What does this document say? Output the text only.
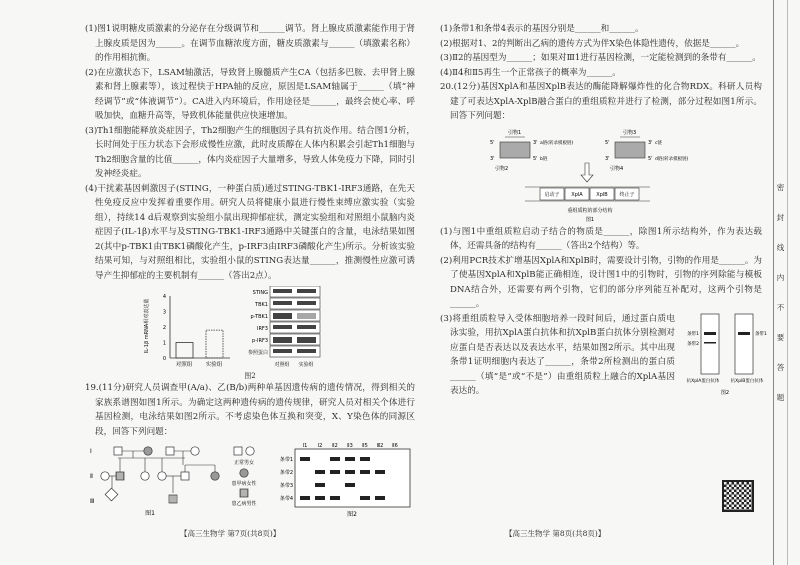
(1)图1说明糖皮质激素的分泌存在分级调节和______调节。肾上腺皮质激素能作用于肾上腺皮质是因为______。在调节血糖浓度方面，糖皮质激素与______（填激素名称）的作用相抗衡。

(2)在应激状态下，LSAM轴激活，导致肾上腺髓质产生CA（包括多巴胺、去甲肾上腺素和肾上腺素等），该过程快于HPA轴的反应，原因是LSAM轴属于______（填“神经调节”或“体液调节”）。CA进入内环境后，作用途径是______，最终会使心率、呼吸加快，血糖升高等，导致机体能量供应快速增加。

(3)Th1细胞能释放炎症因子，Th2细胞产生的细胞因子具有抗炎作用。结合图1分析，长时间处于压力状态下会形成慢性应激，此时皮质醇在人体内积累会引起Th1细胞与Th2细胞含量的比值______，体内炎症因子大量增多，导致人体免疫力下降，同时引发神经炎症。

(4)干扰素基因刺激因子(STING，一种蛋白质)通过STING-TBK1-IRF3通路，在先天性免疫反应中发挥着重要作用。研究人员将健康小鼠进行慢性束缚应激实验（实验组），持续14 d后观察到实验组小鼠出现抑郁症状，测定实验组和对照组小鼠脑内炎症因子(IL-1β)水平与及STING-TBK1-IRF3通路中关键蛋白的含量，电泳结果如图2(其中p-TBK1由TBK1磷酸化产生，p-IRF3由IRF3磷酸化产生)所示。分析该实验结果可知，与对照组相比，实验组小鼠的STING表达量______，推测慢性应激可诱导产生抑郁症的主要机制有______（答出2点）。

0
1
2
3
4
IL-1β mRNA相对表达量
对照组 实验组
STING
TBK1
p-TBK1
IRF3
p-IRF3
参照蛋白
对照组 实验组
图2

19.(11分)研究人员调查甲(A/a)、乙(B/b)两种单基因遗传病的遗传情况，得到相关的家族系谱图如图1所示。为确定这两种遗传病的遗传规律，研究人员对相关个体进行基因检测，电泳结果如图2所示。不考虑染色体互换和突变，X、Y染色体的同源区段，回答下列问题：

Ⅰ
Ⅱ
Ⅲ
正常男女
患甲病女性
患乙病男性
图1
Ⅰ1 Ⅰ2 Ⅱ2 Ⅱ3 Ⅱ5 Ⅲ2 Ⅱ6
条带1
条带2
条带3
条带4
图2
【高三生物学 第7页(共8页)】

(1)条带1和条带4表示的基因分别是______和______。

(2)根据对1、2的判断出乙病的遗传方式为伴X染色体隐性遗传，依据是______。

(3)Ⅱ2的基因型为______；如果对Ⅲ1进行基因检测，一定能检测到的条带有______。

(4)Ⅱ4和Ⅱ5再生一个正常孩子的概率为______。

20.(12分)基因XplA和基因XplB表达的酶能降解爆炸性的化合物RDX。科研人员构建了可表达XplA-XplB融合蛋白的重组质粒并进行了检测，部分过程如图1所示。回答下列问题：

引物1
5'	3'
3'	5'
a链(转录模板链)
b链
引物2
引物3
5'	3'
3'	5'
c链
d链(转录模板链)
引物4
启动子 XplA	XplB 终止子
重组质粒的部分结构
图1

(1)与图1中重组质粒启动子结合的物质是______，除图1所示结构外，作为表达载体，还需具备的结构有______（答出2个结构）等。

(2)利用PCR技术扩增基因XplA和XplB时，需要设计引物，引物的作用是______。为了使基因XplA和XplB能正确相连，设计图1中的引物时，引物的序列除能与模板DNA结合外，还需要有两个引物，它们的部分序列能互补配对，这两个引物是______。

(3)将重组质粒导入受体细胞培养一段时间后，通过蛋白质电泳实验，用抗XplA蛋白抗体和抗XplB蛋白抗体分别检测对应蛋白是否表达以及表达水平，结果如图2所示。其中出现条带1证明细胞内表达了______，条带2所检测出的蛋白质______（填“是”或“不是”）由重组质粒上融合的XplA基因表达的。

条带1
条带2
条带1
抗XplA蛋白抗体 抗XplB蛋白抗体
图2
【高三生物学 第8页(共8页)】
密
封
线
内
不
要
答
题
